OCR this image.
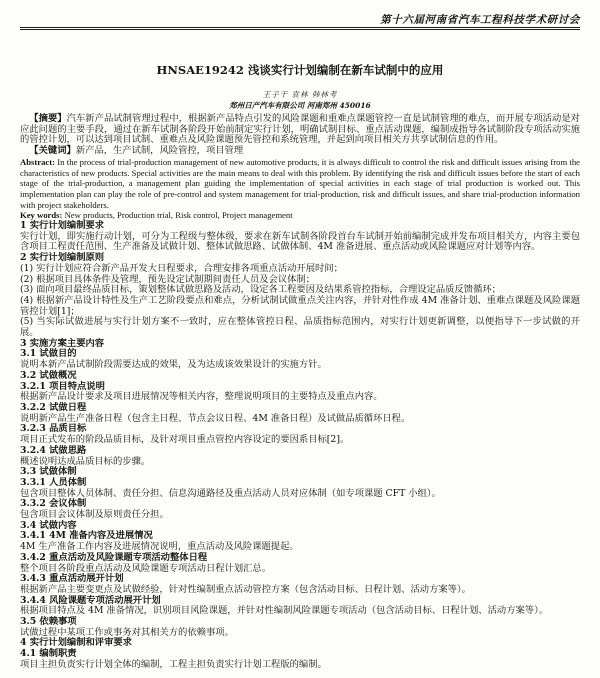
第十六届河南省汽车工程科技学术研讨会
HNSAE19242 浅谈实行计划编制在新车试制中的应用
王子干 袁林 韩林考
郑州日产汽车有限公司 河南郑州 450016

【摘要】汽车新产品试制管理过程中，根据新产品特点引发的风险课题和重难点课题管控一直是试制管理的难点，而开展专项活动是对应此问题的主要手段，通过在新车试制各阶段开始前制定实行计划，明确试制目标、重点活动课题，编制成指导各试制阶段专项活动实施的管控计划，可以达到项目试制、重难点及风险课题预先管控和系统管理，并起到向项目相关方共享试制信息的作用。

【关键词】新产品，生产试制，风险管控，项目管理

Abstract: In the process of trial-production management of new automotive products, it is always difficult to control the risk and difficult issues arising from the characteristics of new products. Special activities are the main means to deal with this problem. By identifying the risk and difficult issues before the start of each stage of the trial-production, a management plan guiding the implementation of special activities in each stage of trial production is worked out. This implementation plan can play the role of pre-control and system management for trial-production, risk and difficult issues, and share trial-production information with project stakeholders.

Key words: New products, Production trial, Risk control, Project management

1 实行计划编制要求

实行计划，即实施行动计划，可分为工程级与整体级，要求在新车试制各阶段首台车试制开始前编制完成并发布项目相关方，内容主要包含项目工程责任范围、生产准备及试做计划、整体试做思路、试做体制、4M 准备进展、重点活动或风险课题应对计划等内容。

2 实行计划编制原则

(1) 实行计划应符合新产品开发大日程要求，合理安排各项重点活动开展时间；

(2) 根据项目具体条件及管理，预先设定试制期间责任人员及会议体制；

(3) 面向项目最终品质目标，策划整体试做思路及活动，设定各工程要因及结果系管控指标，合理设定品质反馈循环；

(4) 根据新产品设计特性及生产工艺阶段要点和难点，分析试制试做重点关注内容，并针对性作成 4M 准备计划、重难点课题及风险课题管控计划[1]；

(5) 当实际试做进展与实行计划方案不一致时，应在整体管控日程、品质指标范围内，对实行计划更新调整，以便指导下一步试做的开展。

3 实施方案主要内容
3.1 试做目的

说明本新产品试制阶段需要达成的效果，及为达成该效果设计的实施方针。

3.2 试做概况
3.2.1 项目特点说明

根据新产品设计要求及项目进展情况等相关内容，整理说明项目的主要特点及重点内容。

3.2.2 试做日程

说明新产品生产准备日程（包含主日程、节点会议日程、4M 准备日程）及试做品质循环日程。

3.2.3 品质目标

项目正式发布的阶段品质目标，及针对项目重点管控内容设定的要因系目标[2]。

3.2.4 试做思路

概述说明达成品质目标的步骤。

3.3 试做体制
3.3.1 人员体制

包含项目整体人员体制、责任分担、信息沟通路径及重点活动人员对应体制（如专项课题 CFT 小组）。

3.3.2 会议体制

包含项目会议体制及原则责任分担。

3.4 试做内容
3.4.1 4M 准备内容及进展情况

4M 生产准备工作内容及进展情况说明，重点活动及风险课题提起。

3.4.2 重点活动及风险课题专项活动整体日程

整个项目各阶段重点活动及风险课题专项活动日程计划汇总。

3.4.3 重点活动展开计划

根据新产品主要变更点及试做经验，针对性编制重点活动管控方案（包含活动目标、日程计划、活动方案等）。

3.4.4 风险课题专项活动展开计划

根据项目特点及 4M 准备情况，识别项目风险课题，并针对性编制风险课题专项活动（包含活动目标、日程计划、活动方案等）。

3.5 依赖事项

试做过程中某项工作或事务对其相关方的依赖事项。

4 实行计划编制和评审要求
4.1 编制职责

项目主担负责实行计划全体的编制，工程主担负责实行计划工程版的编制。
